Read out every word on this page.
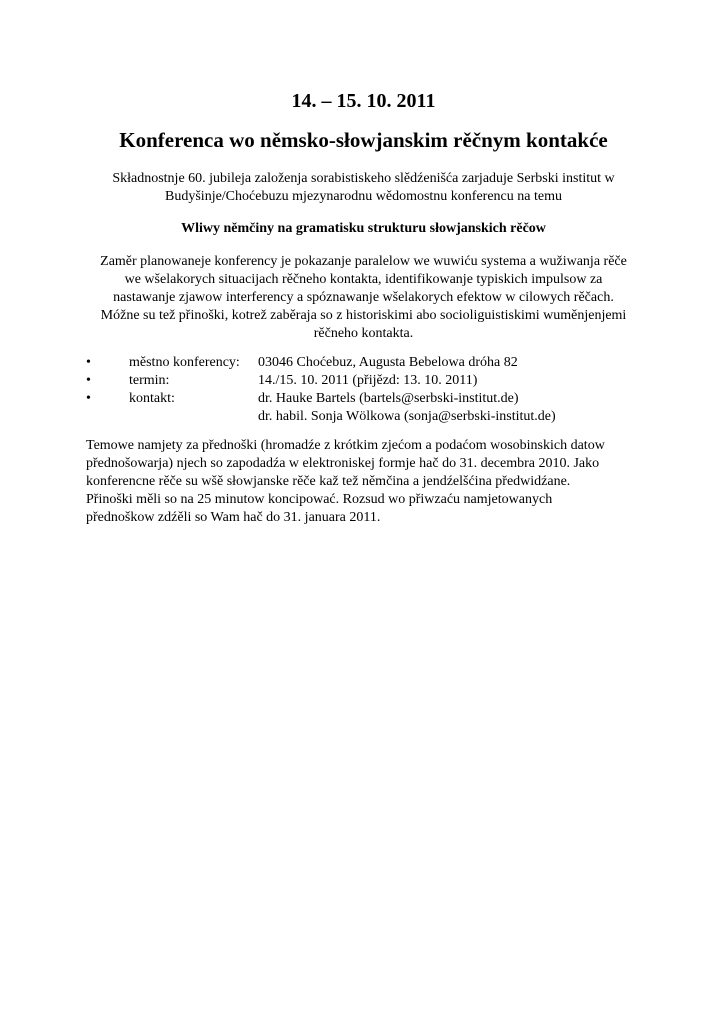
14. – 15. 10. 2011
Konferenca wo němsko-słowjanskim rěčnym kontakće
Składnostnje 60. jubileja založenja sorabistiskeho slědźenišća zarjaduje Serbski institut w
Budyšinje/Choćebuzu mjezynarodnu wědomostnu konferencu na temu
Wliwy němčiny na gramatisku strukturu słowjanskich rěčow
Zaměr planowaneje konferency je pokazanje paralelow we wuwiću systema a wužiwanja rěče
we wšelakorych situacijach rěčneho kontakta, identifikowanje typiskich impulsow za
nastawanje zjawow interferency a spóznawanje wšelakorych efektow w cilowych rěčach.
Móžne su tež přinoški, kotrež zaběraja so z historiskimi abo socioliguistiskimi wuměnjenjemi
rěčneho kontakta.
•	městno konferency: 03046 Choćebuz, Augusta Bebelowa dróha 82
•	termin:	14./15. 10. 2011 (přijězd: 13. 10. 2011)
•	kontakt:	dr. Hauke Bartels (bartels@serbski-institut.de)
dr. habil. Sonja Wölkowa (sonja@serbski-institut.de)
Temowe namjety za přednoški (hromadźe z krótkim zjećom a podaćom wosobinskich datow
přednošowarja) njech so zapodadźa w elektroniskej formje hač do 31. decembra 2010. Jako
konferencne rěče su wšě słowjanske rěče kaž tež němčina a jendźelšćina předwidźane.
Přinoški měli so na 25 minutow koncipować. Rozsud wo přiwzaću namjetowanych
přednoškow zdźěli so Wam hač do 31. januara 2011.
